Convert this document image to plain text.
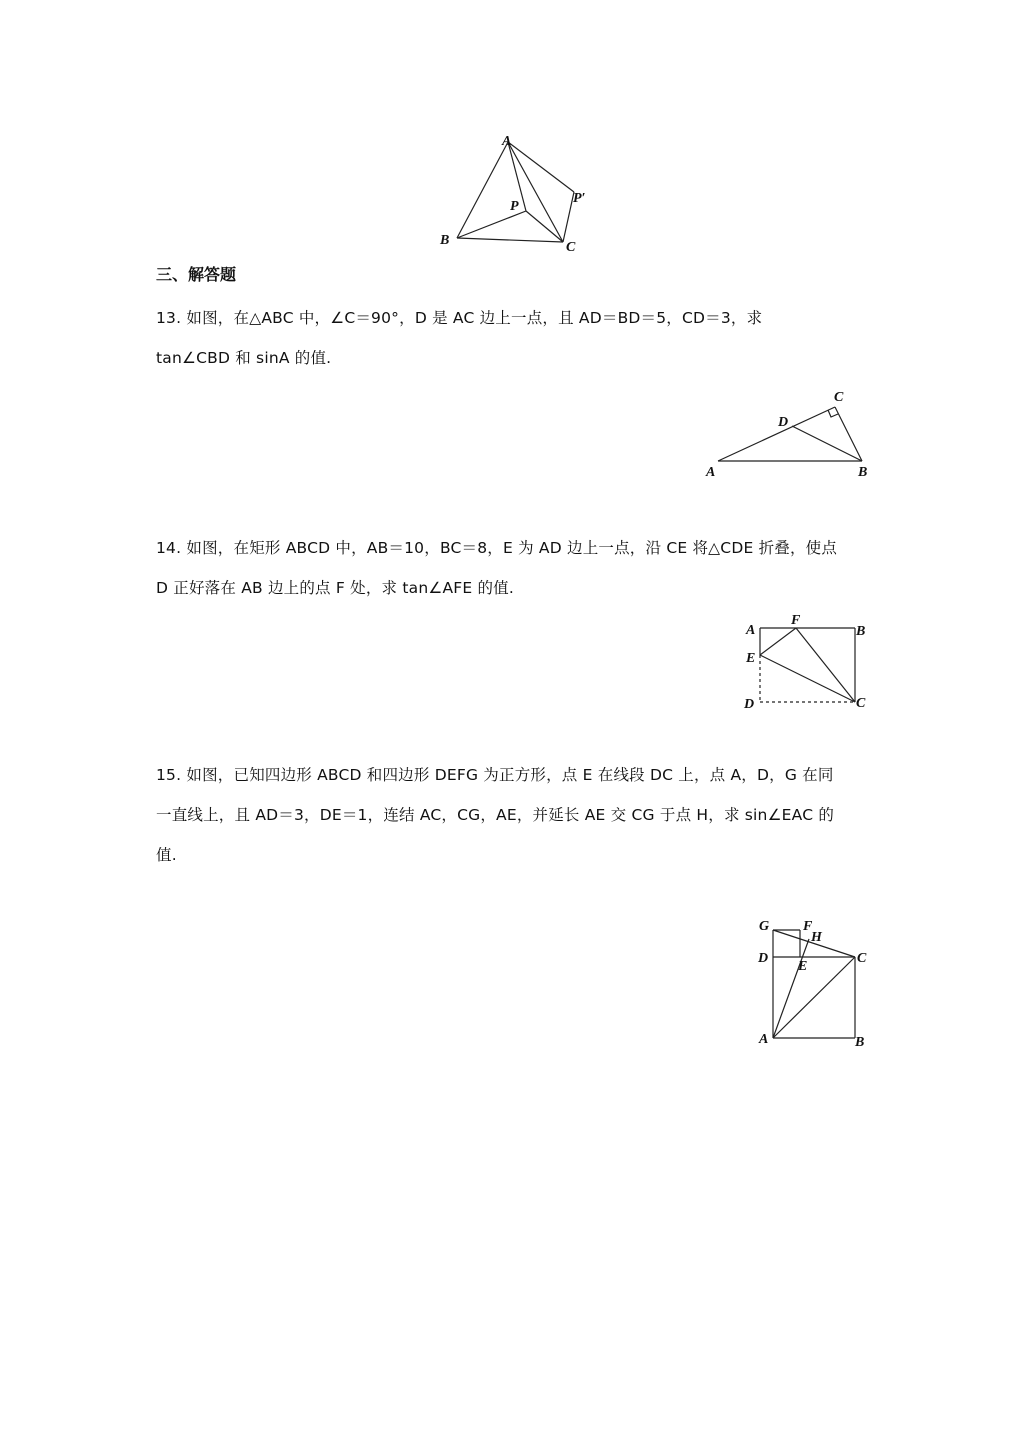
A
B	C
P
P′
三、解答题
13. 如图，在△ABC 中，∠C＝90°，D 是 AC 边上一点，且 AD＝BD＝5，CD＝3，求
tan∠CBD 和 sinA 的值.
A	B
C
D
14. 如图，在矩形 ABCD 中，AB＝10，BC＝8，E 为 AD 边上一点，沿 CE 将△CDE 折叠，使点
D 正好落在 AB 边上的点 F 处，求 tan∠AFE 的值.
A	B
C
D
E
F
15. 如图，已知四边形 ABCD 和四边形 DEFG 为正方形，点 E 在线段 DC 上，点 A，D，G 在同
一直线上，且 AD＝3，DE＝1，连结 AC，CG，AE，并延长 AE 交 CG 于点 H，求 sin∠EAC 的
值.
G F
H
D
E
C
A	B
